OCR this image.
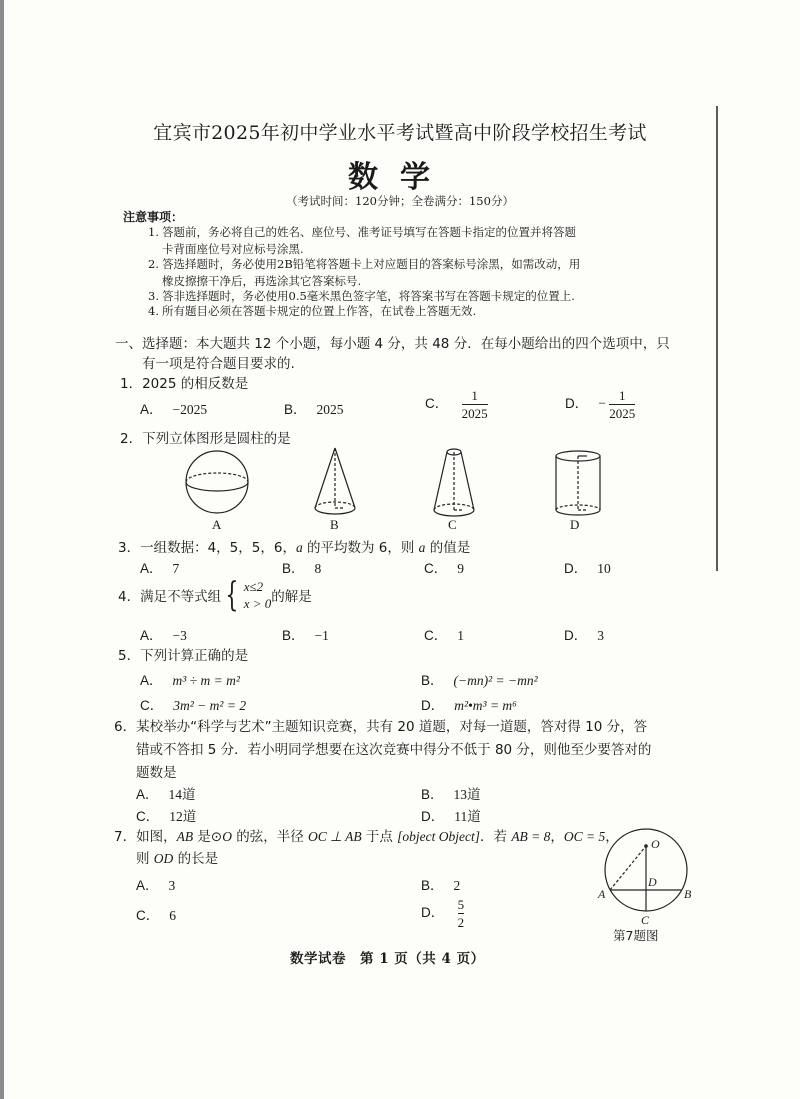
宜宾市2025年初中学业水平考试暨高中阶段学校招生考试
数学
（考试时间：120分钟；全卷满分：150分）
注意事项：
1. 答题前，务必将自己的姓名、座位号、准考证号填写在答题卡指定的位置并将答题
卡背面座位号对应标号涂黑.
2. 答选择题时，务必使用2B铅笔将答题卡上对应题目的答案标号涂黑，如需改动，用
橡皮擦擦干净后，再选涂其它答案标号.
3. 答非选择题时，务必使用0.5毫米黑色签字笔，将答案书写在答题卡规定的位置上.
4. 所有题目必须在答题卡规定的位置上作答，在试卷上答题无效.
一、选择题：本大题共 12 个小题，每小题 4 分，共 48 分．在每小题给出的四个选项中，只
有一项是符合题目要求的.
1．2025 的相反数是
A． −2025	B． 2025	C． $\frac{1}{2025}$	D． − $\frac{1}{2025}$
2．下列立体图形是圆柱的是
A	B	C	D
3．一组数据：4，5，5，6，a 的平均数为 6，则 a 的值是
A． 7	B． 8	C． 9	D． 10
4．满足不等式组 { x≤2
x > 0 的解是
A． −3	B． −1	C． 1	D． 3
5．下列计算正确的是
A． m³ ÷ m = m²	B． (−mn)² = −mn²
C． 3m² − m² = 2	D． m²•m³ = m⁶
6．某校举办“科学与艺术”主题知识竞赛，共有 20 道题，对每一道题，答对得 10 分，答
错或不答扣 5 分．若小明同学想要在这次竞赛中得分不低于 80 分，则他至少要答对的
题数是
A． 14道	B． 13道
C． 12道	D． 11道
7．如图，AB 是⊙O 的弦，半径 OC ⊥ AB 于点 [object Object]．若 AB = 8，OC = 5，
则 OD 的长是
A． 3	B． 2
C． 6	D． $\frac{5}{2}$
O
D
A	B
C
第7题图
数学试卷　第 1 页（共 4 页）
